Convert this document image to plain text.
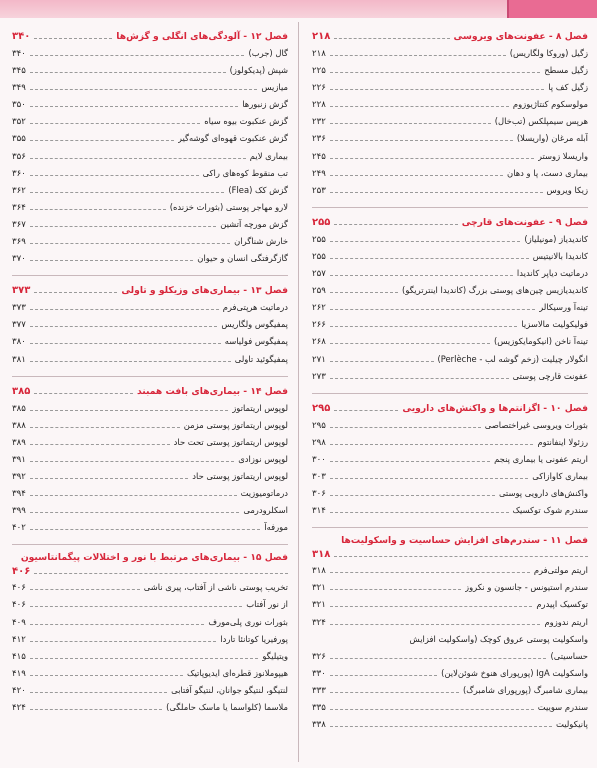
فصل ۸ - عفونت‌های ویروسی
۲۱۸
زگیل (وروکا ولگاریس)
۲۱۸
زگیل مسطح
۲۲۵
زگیل کف پا
۲۲۶
مولوسکوم کنتاژیوزوم
۲۲۸
هرپس سیمپلکس (تب‌خال)
۲۳۲
آبله مرغان (واریسلا)
۲۳۶
واریسلا زوستر
۲۴۵
بیماری دست، پا و دهان
۲۴۹
زیکا ویروس
۲۵۳
فصل ۹ - عفونت‌های قارچی
۲۵۵
کاندیدیاز (مونیلیاز)
۲۵۵
کاندیدا بالانیتیس
۲۵۵
درماتیت دیاپر کاندیدا
۲۵۷
کاندیدیازیس چین‌های پوستی بزرگ (کاندیدا اینترتریگو)
۲۵۹
تینه‌آ ورسیکالر
۲۶۲
فولیکولیت مالاسزیا
۲۶۶
تینه‌آ ناخن (انیکومایکوزیس)
۲۶۸
انگولار چیلیت (زخم گوشه لب - Perlèche)
۲۷۱
عفونت قارچی پوستی
۲۷۳
فصل ۱۰ - اگزانتم‌ها و واکنش‌های دارویی
۲۹۵
بثورات ویروسی غیراختصاصی
۲۹۵
رزئولا اینفانتوم
۲۹۸
اریتم عفونی یا بیماری پنجم
۳۰۰
بیماری کاوازاکی
۳۰۳
واکنش‌های دارویی پوستی
۳۰۶
سندرم شوک توکسیک
۳۱۴
فصل ۱۱ - سندرم‌های افزایش حساسیت و واسکولیت‌ها
۳۱۸
اریتم مولتی‌فرم
۳۱۸
سندرم استیونس - جانسون و نکروز
۳۲۱
توکسیک اپیدرم
۳۲۱
اریتم ندوزوم
۳۲۴
واسکولیت پوستی عروق کوچک (واسکولیت افزایش
حساسیتی)
۳۲۶
واسکولیت IgA (پورپورای هنوخ شوئن‌لاین)
۳۳۰
بیماری شامبرگ (پورپورای شامبرگ)
۳۳۳
سندرم سوییت
۳۳۵
پانیکولیت
۳۳۸
فصل ۱۲ - آلودگی‌های انگلی و گزش‌ها
۳۴۰
گال (جرب)
۳۴۰
شپش (پدیکولوز)
۳۴۵
میازیس
۳۴۹
گزش زنبورها
۳۵۰
گزش عنکبوت بیوه سیاه
۳۵۲
گزش عنکبوت قهوه‌ای گوشه‌گیر
۳۵۵
بیماری لایم
۳۵۶
تب منقوط کوه‌های راکی
۳۶۰
گزش کک (Flea)
۳۶۲
لارو مهاجر پوستی (بثورات خزنده)
۳۶۴
گزش مورچه آتشین
۳۶۷
خارش شناگران
۳۶۹
گازگرفتگی انسان و حیوان
۳۷۰
فصل ۱۳ - بیماری‌های وزیکلو و تاولی
۳۷۳
درماتیت هرپتی‌فرم
۳۷۳
پمفیگوس ولگاریس
۳۷۷
پمفیگوس فولیاسه
۳۸۰
پمفیگوئید تاولی
۳۸۱
فصل ۱۴ - بیماری‌های بافت همبند
۳۸۵
لوپوس اریتماتوز
۳۸۵
لوپوس اریتماتوز پوستی مزمن
۳۸۸
لوپوس اریتماتوز پوستی تحت حاد
۳۸۹
لوپوس نوزادی
۳۹۱
لوپوس اریتماتوز پوستی حاد
۳۹۲
درماتومیوزیت
۳۹۴
اسکلرودرمی
۳۹۹
مورفه‌آ
۴۰۲
فصل ۱۵ - بیماری‌های مرتبط با نور و اختلالات پیگمانتاسیون
۴۰۶
تخریب پوستی ناشی از آفتاب، پیری ناشی
۴۰۶
از نور آفتاب
۴۰۶
بثورات نوری پلی‌مورف
۴۰۹
پورفیریا کوتانئا تاردا
۴۱۲
ویتیلیگو
۴۱۵
هیپوملانوز قطره‌ای ایدیوپاتیک
۴۱۹
لنتیگو، لنتیگو جوانان، لنتیگو آفتابی
۴۲۰
ملاسما (کلواسما یا ماسک حاملگی)
۴۲۴
